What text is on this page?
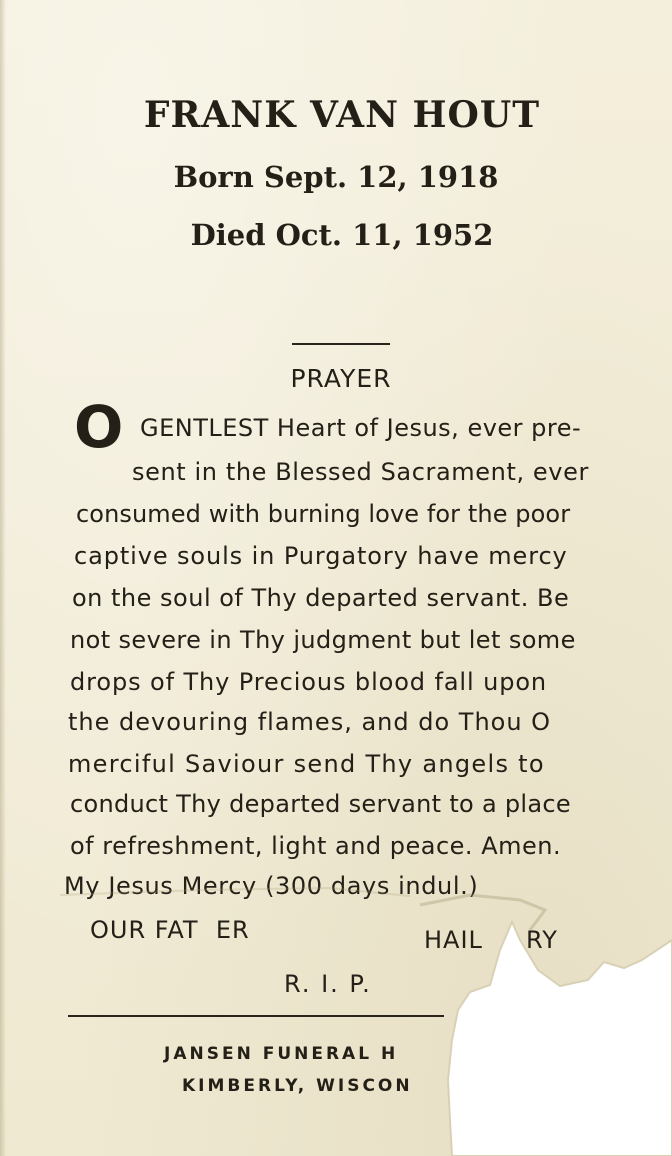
FRANK VAN HOUT
Born Sept. 12, 1918
Died Oct. 11, 1952
PRAYER
O GENTLEST Heart of Jesus, ever pre-
sent in the Blessed Sacrament, ever
consumed with burning love for the poor
captive souls in Purgatory have mercy
on the soul of Thy departed servant. Be
not severe in Thy judgment but let some
drops of Thy Precious blood fall upon
the devouring flames, and do Thou O
merciful Saviour send Thy angels to
conduct Thy departed servant to a place
of refreshment, light and peace. Amen.
My Jesus Mercy (300 days indul.)
OUR FAT  ER	HAIL     RY
R. I. P.
JANSEN FUNERAL H
KIMBERLY, WISCON
